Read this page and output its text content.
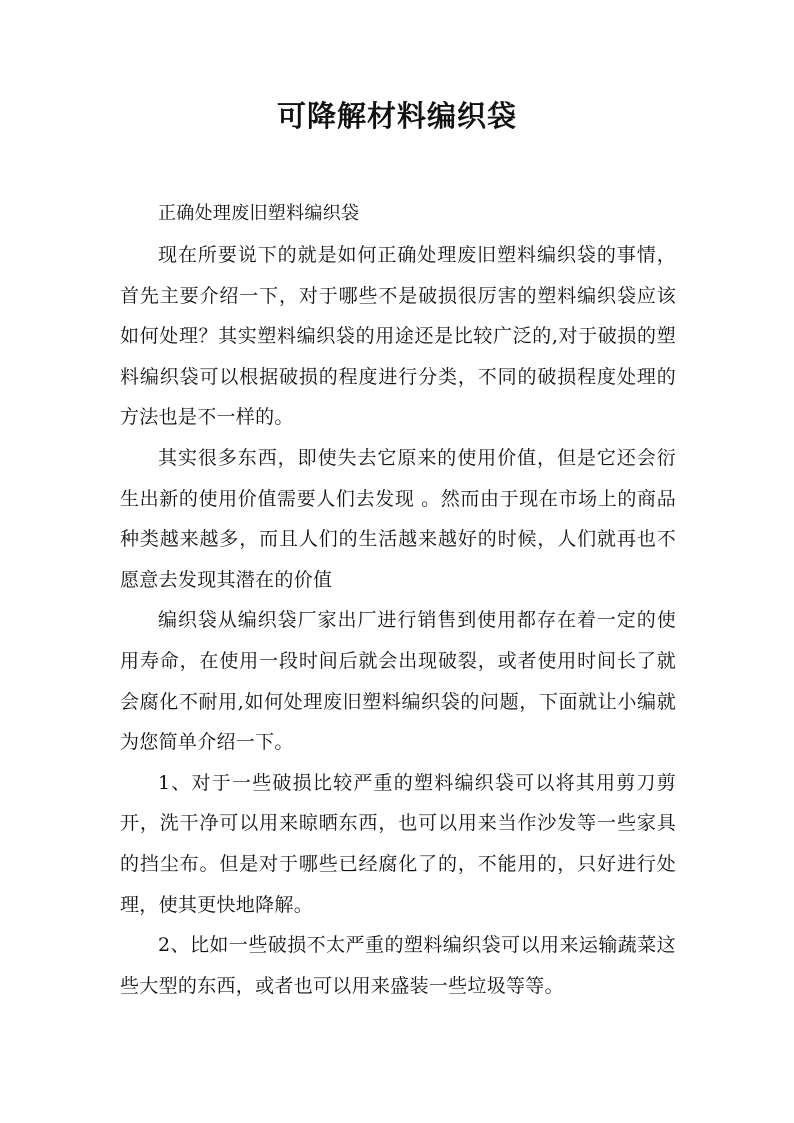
可降解材料编织袋

正确处理废旧塑料编织袋

现在所要说下的就是如何正确处理废旧塑料编织袋的事情，首先主要介绍一下，对于哪些不是破损很厉害的塑料编织袋应该如何处理？其实塑料编织袋的用途还是比较广泛的,对于破损的塑料编织袋可以根据破损的程度进行分类，不同的破损程度处理的方法也是不一样的。

其实很多东西，即使失去它原来的使用价值，但是它还会衍生出新的使用价值需要人们去发现 。然而由于现在市场上的商品种类越来越多，而且人们的生活越来越好的时候，人们就再也不愿意去发现其潜在的价值

编织袋从编织袋厂家出厂进行销售到使用都存在着一定的使用寿命，在使用一段时间后就会出现破裂，或者使用时间长了就会腐化不耐用,如何处理废旧塑料编织袋的问题，下面就让小编就为您简单介绍一下。

1、对于一些破损比较严重的塑料编织袋可以将其用剪刀剪开，洗干净可以用来晾晒东西，也可以用来当作沙发等一些家具的挡尘布。但是对于哪些已经腐化了的，不能用的，只好进行处理，使其更快地降解。

2、比如一些破损不太严重的塑料编织袋可以用来运输蔬菜这些大型的东西，或者也可以用来盛装一些垃圾等等。
